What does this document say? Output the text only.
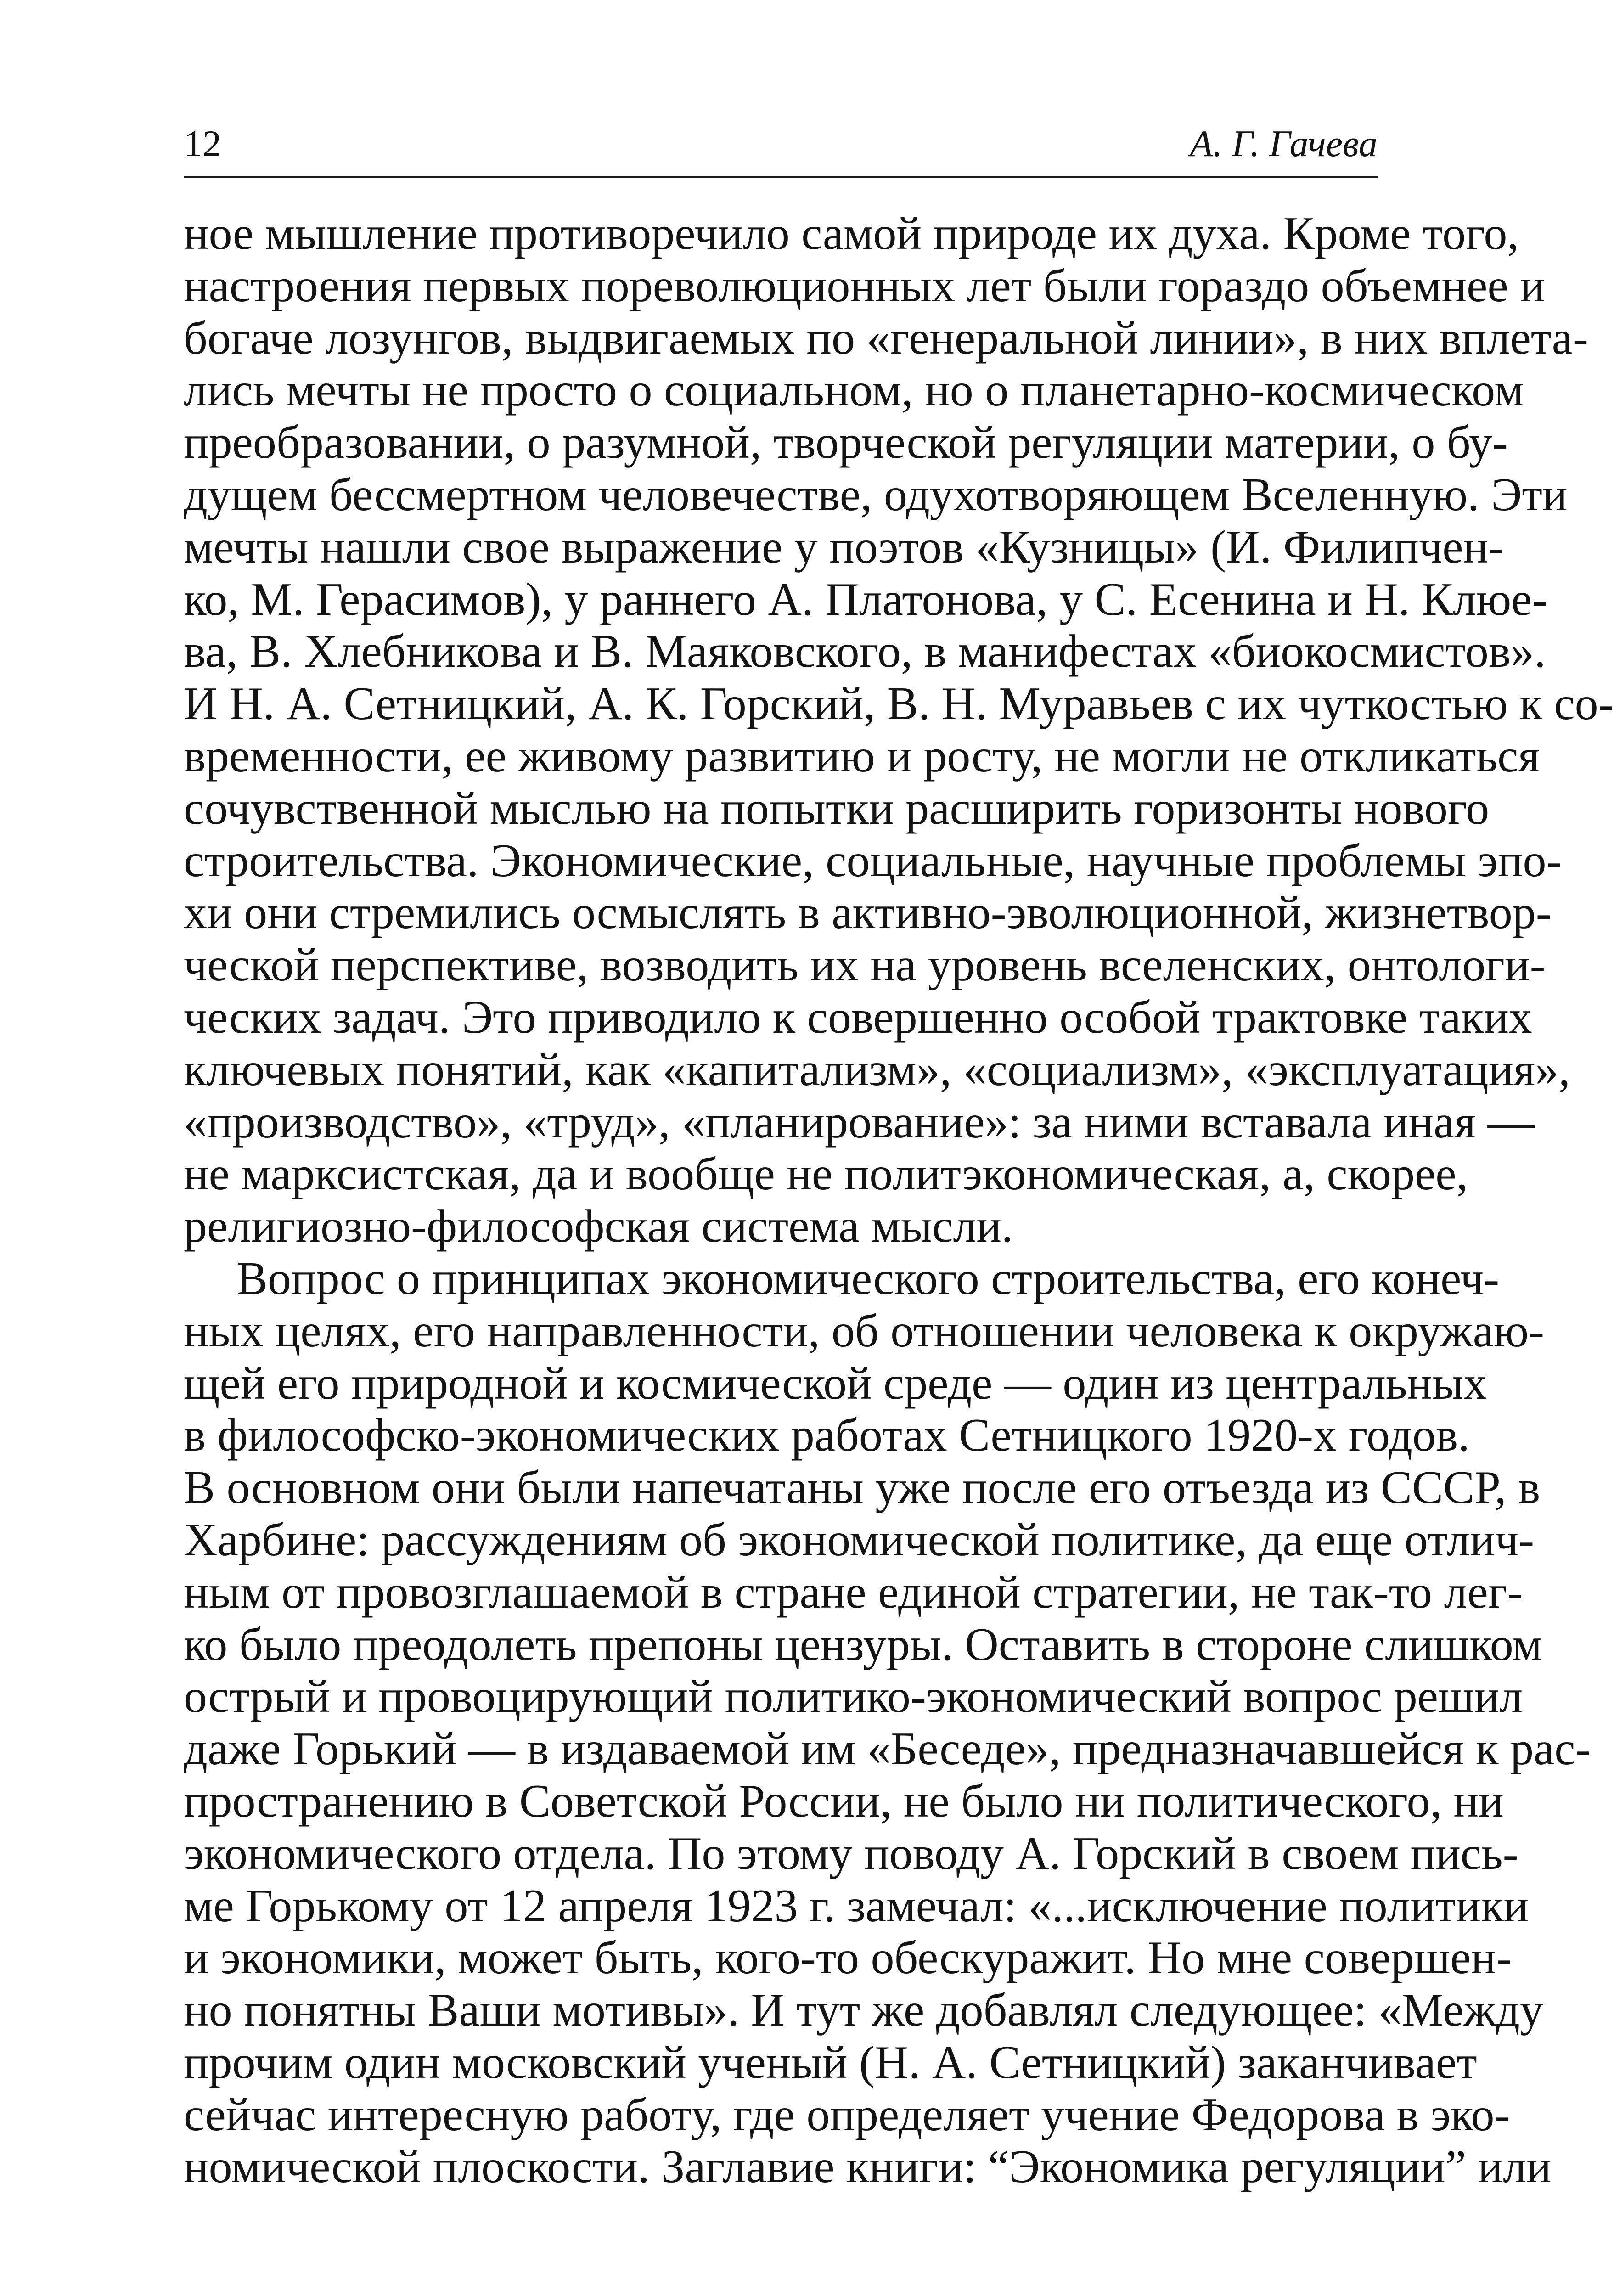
12	А. Г. Гачева
ное мышление противоречило самой природе их духа. Кроме того,
настроения первых пореволюционных лет были гораздо объемнее и
богаче лозунгов, выдвигаемых по «генеральной линии», в них вплета-
лись мечты не просто о социальном, но о планетарно-космическом
преобразовании, о разумной, творческой регуляции материи, о бу-
дущем бессмертном человечестве, одухотворяющем Вселенную. Эти
мечты нашли свое выражение у поэтов «Кузницы» (И. Филипчен-
ко, М. Герасимов), у раннего А. Платонова, у С. Есенина и Н. Клюе-
ва, В. Хлебникова и В. Маяковского, в манифестах «биокосмистов».
И Н. А. Сетницкий, А. К. Горский, В. Н. Муравьев с их чуткостью к со-
временности, ее живому развитию и росту, не могли не откликаться
сочувственной мыслью на попытки расширить горизонты нового
строительства. Экономические, социальные, научные проблемы эпо-
хи они стремились осмыслять в активно-эволюционной, жизнетвор-
ческой перспективе, возводить их на уровень вселенских, онтологи-
ческих задач. Это приводило к совершенно особой трактовке таких
ключевых понятий, как «капитализм», «социализм», «эксплуатация»,
«производство», «труд», «планирование»: за ними вставала иная —
не марксистская, да и вообще не политэкономическая, а, скорее,
религиозно-философская система мысли.
Вопрос о принципах экономического строительства, его конеч-
ных целях, его направленности, об отношении человека к окружаю-
щей его природной и космической среде — один из центральных
в философско-экономических работах Сетницкого 1920-х годов.
В основном они были напечатаны уже после его отъезда из СССР, в
Харбине: рассуждениям об экономической политике, да еще отлич-
ным от провозглашаемой в стране единой стратегии, не так-то лег-
ко было преодолеть препоны цензуры. Оставить в стороне слишком
острый и провоцирующий политико-экономический вопрос решил
даже Горький — в издаваемой им «Беседе», предназначавшейся к рас-
пространению в Советской России, не было ни политического, ни
экономического отдела. По этому поводу А. Горский в своем пись-
ме Горькому от 12 апреля 1923 г. замечал: «...исключение политики
и экономики, может быть, кого-то обескуражит. Но мне совершен-
но понятны Ваши мотивы». И тут же добавлял следующее: «Между
прочим один московский ученый (Н. А. Сетницкий) заканчивает
сейчас интересную работу, где определяет учение Федорова в эко-
номической плоскости. Заглавие книги: “Экономика регуляции” или
